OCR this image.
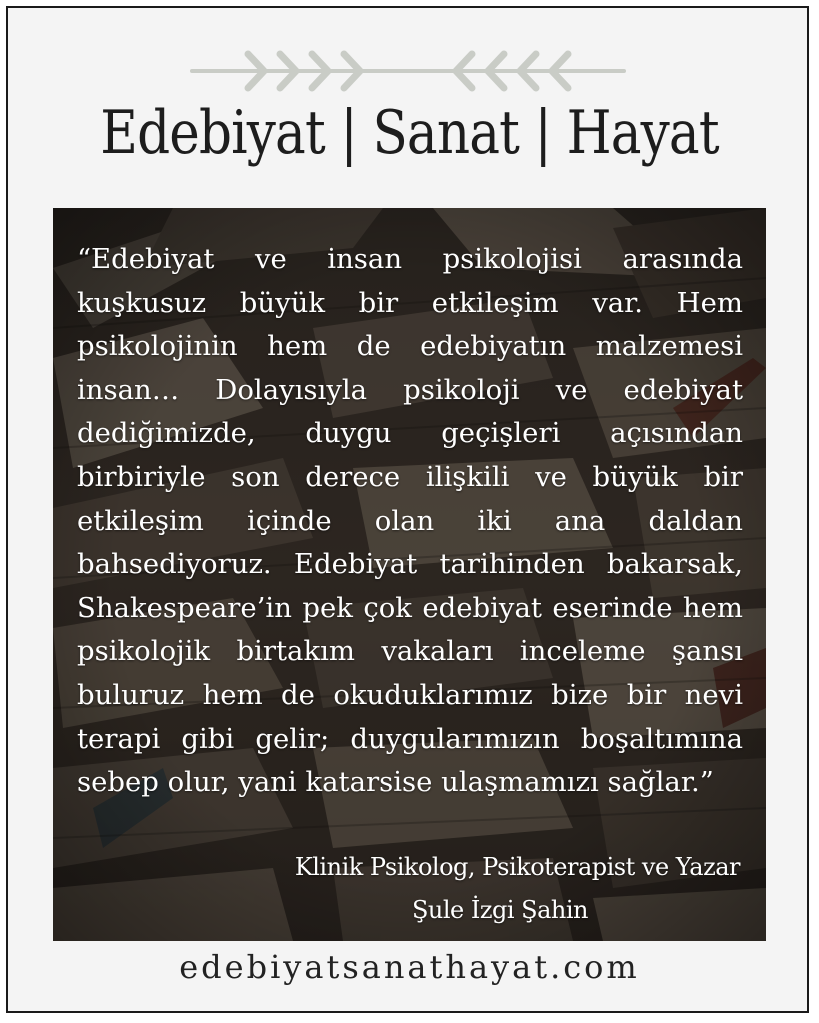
Edebiyat | Sanat | Hayat

“Edebiyat ve insan psikolojisi arasında kuşkusuz büyük bir etkileşim var. Hem psikolojinin hem de edebiyatın malzemesi insan… Dolayısıyla psikoloji ve edebiyat dediğimizde, duygu geçişleri açısından birbiriyle son derece ilişkili ve büyük bir etkileşim içinde olan iki ana daldan bahsediyoruz. Edebiyat tarihinden bakarsak, Shakespeare’in pek çok edebiyat eserinde hem psikolojik birtakım vakaları inceleme şansı buluruz hem de okuduklarımız bize bir nevi terapi gibi gelir; duygularımızın boşaltımına sebep olur, yani katarsise ulaşmamızı sağlar.”

Klinik Psikolog, Psikoterapist ve Yazar
Şule İzgi Şahin
edebiyatsanathayat.com
